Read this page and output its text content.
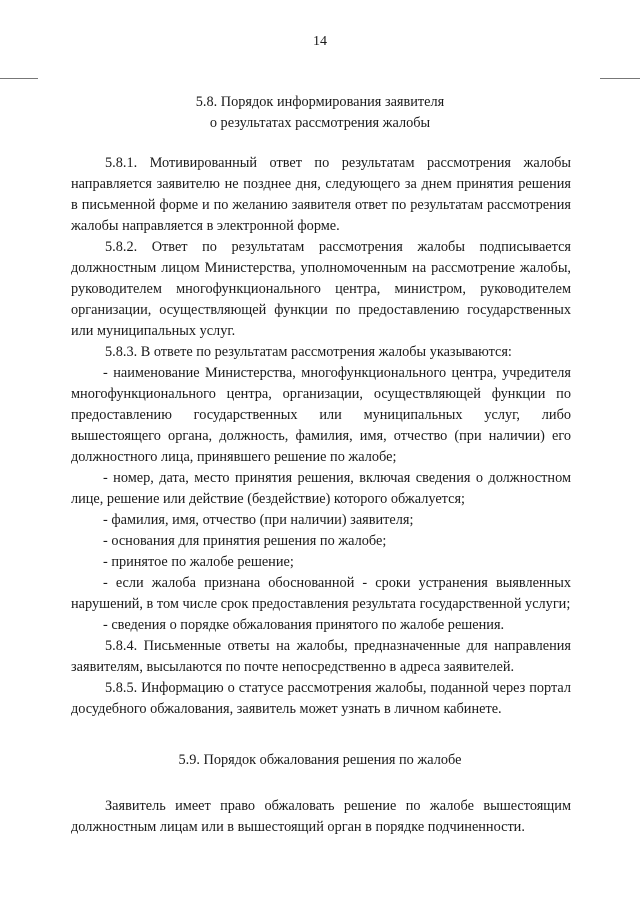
14
5.8. Порядок информирования заявителя
о результатах рассмотрения жалобы

5.8.1. Мотивированный ответ по результатам рассмотрения жалобы направляется заявителю не позднее дня, следующего за днем принятия решения в письменной форме и по желанию заявителя ответ по результатам рассмотрения жалобы направляется в электронной форме.

5.8.2. Ответ по результатам рассмотрения жалобы подписывается должностным лицом Министерства, уполномоченным на рассмотрение жалобы, руководителем многофункционального центра, министром, руководителем организации, осуществляющей функции по предоставлению государственных или муниципальных услуг.

5.8.3. В ответе по результатам рассмотрения жалобы указываются:

- наименование Министерства, многофункционального центра, учредителя многофункционального центра, организации, осуществляющей функции по предоставлению государственных или муниципальных услуг, либо вышестоящего органа, должность, фамилия, имя, отчество (при наличии) его должностного лица, принявшего решение по жалобе;

- номер, дата, место принятия решения, включая сведения о должностном лице, решение или действие (бездействие) которого обжалуется;

- фамилия, имя, отчество (при наличии) заявителя;

- основания для принятия решения по жалобе;

- принятое по жалобе решение;

- если жалоба признана обоснованной - сроки устранения выявленных нарушений, в том числе срок предоставления результата государственной услуги;

- сведения о порядке обжалования принятого по жалобе решения.

5.8.4. Письменные ответы на жалобы, предназначенные для направления заявителям, высылаются по почте непосредственно в адреса заявителей.

5.8.5. Информацию о статусе рассмотрения жалобы, поданной через портал досудебного обжалования, заявитель может узнать в личном кабинете.

5.9. Порядок обжалования решения по жалобе

Заявитель имеет право обжаловать решение по жалобе вышестоящим должностным лицам или в вышестоящий орган в порядке подчиненности.
